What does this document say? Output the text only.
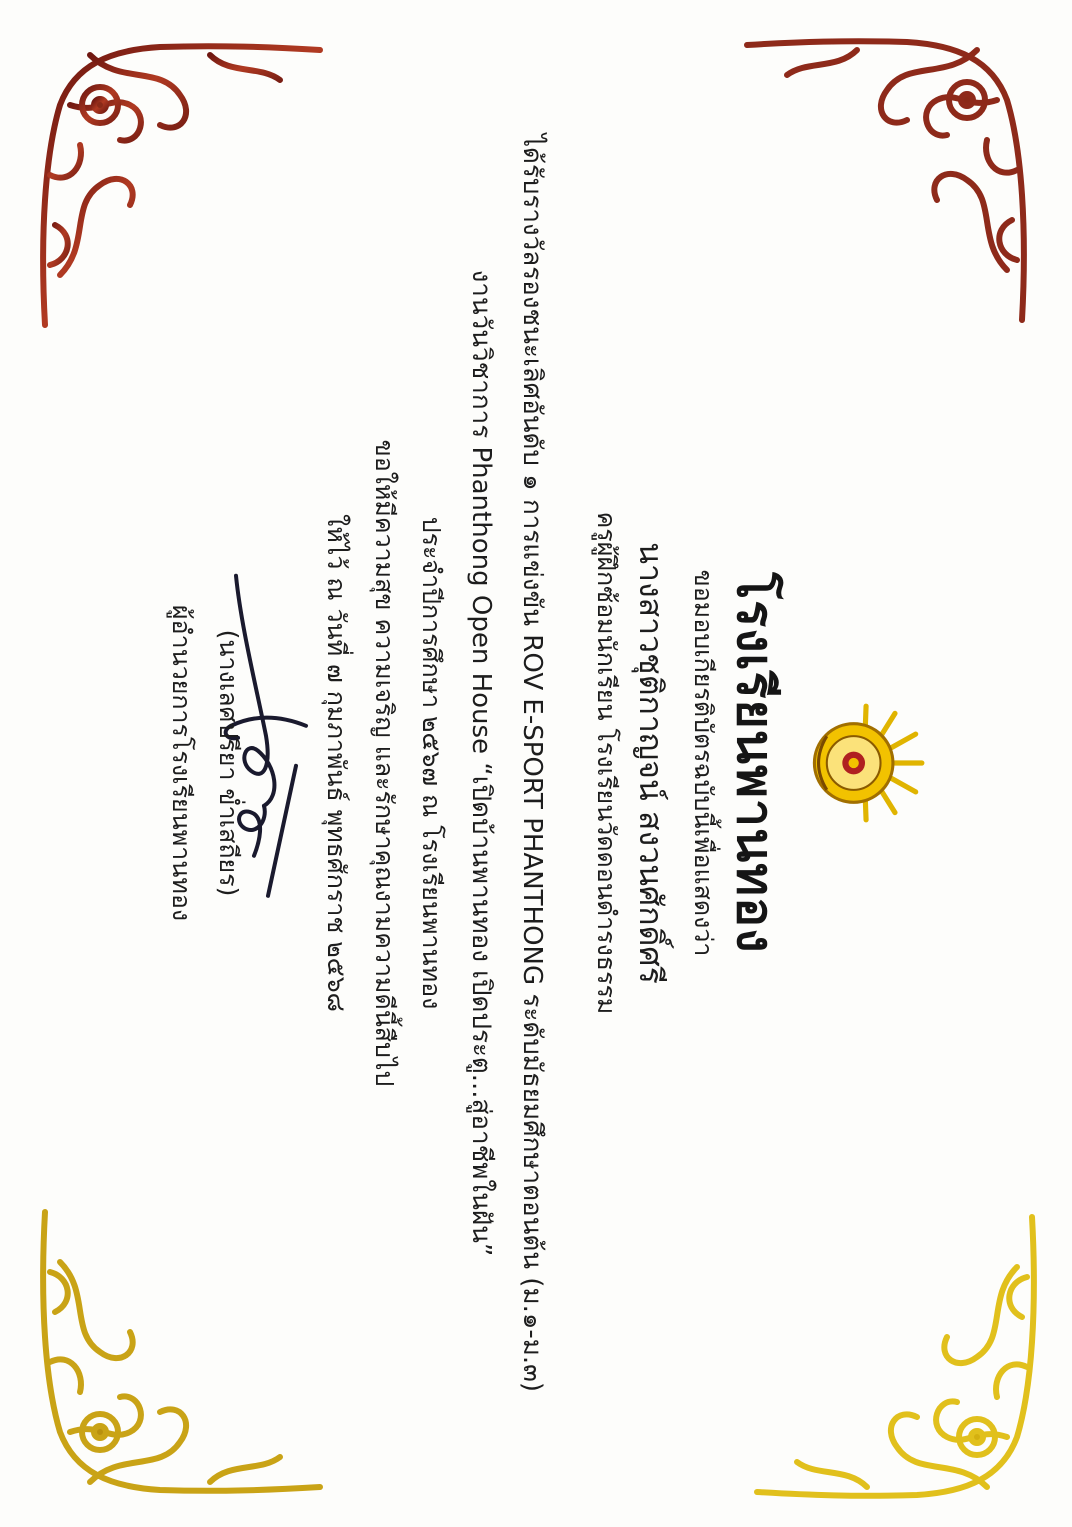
โรงเรียนพานทอง
ขอมอบเกียรติบัตรฉบับนี้เพื่อแสดงว่า
นางสาวชุติกาญจน์ สงวนศักดิ์ศรี
ครูผู้ฝึกซ้อมนักเรียน โรงเรียนวัดดอนดำรงธรรม
ได้รับรางวัลรองชนะเลิศอันดับ ๑ การแข่งขัน ROV E-SPORT PHANTHONG ระดับมัธยมศึกษาตอนต้น (ม.๑-ม.๓)
งานวันวิชาการ Phanthong Open House “เปิดบ้านพานทอง เปิดประตู...สู่อาชีพในฝัน”
ประจำปีการศึกษา ๒๕๖๗ ณ โรงเรียนพานทอง
ขอให้มีความสุข ความเจริญ และรักษาคุณงามความดีนี้สืบไป
ให้ไว้ ณ วันที่ ๗ กุมภาพันธ์ พุทธศักราช ๒๕๖๘
(นางเลศปรียา ข่ำเสถียร)
ผู้อำนวยการโรงเรียนพานทอง
